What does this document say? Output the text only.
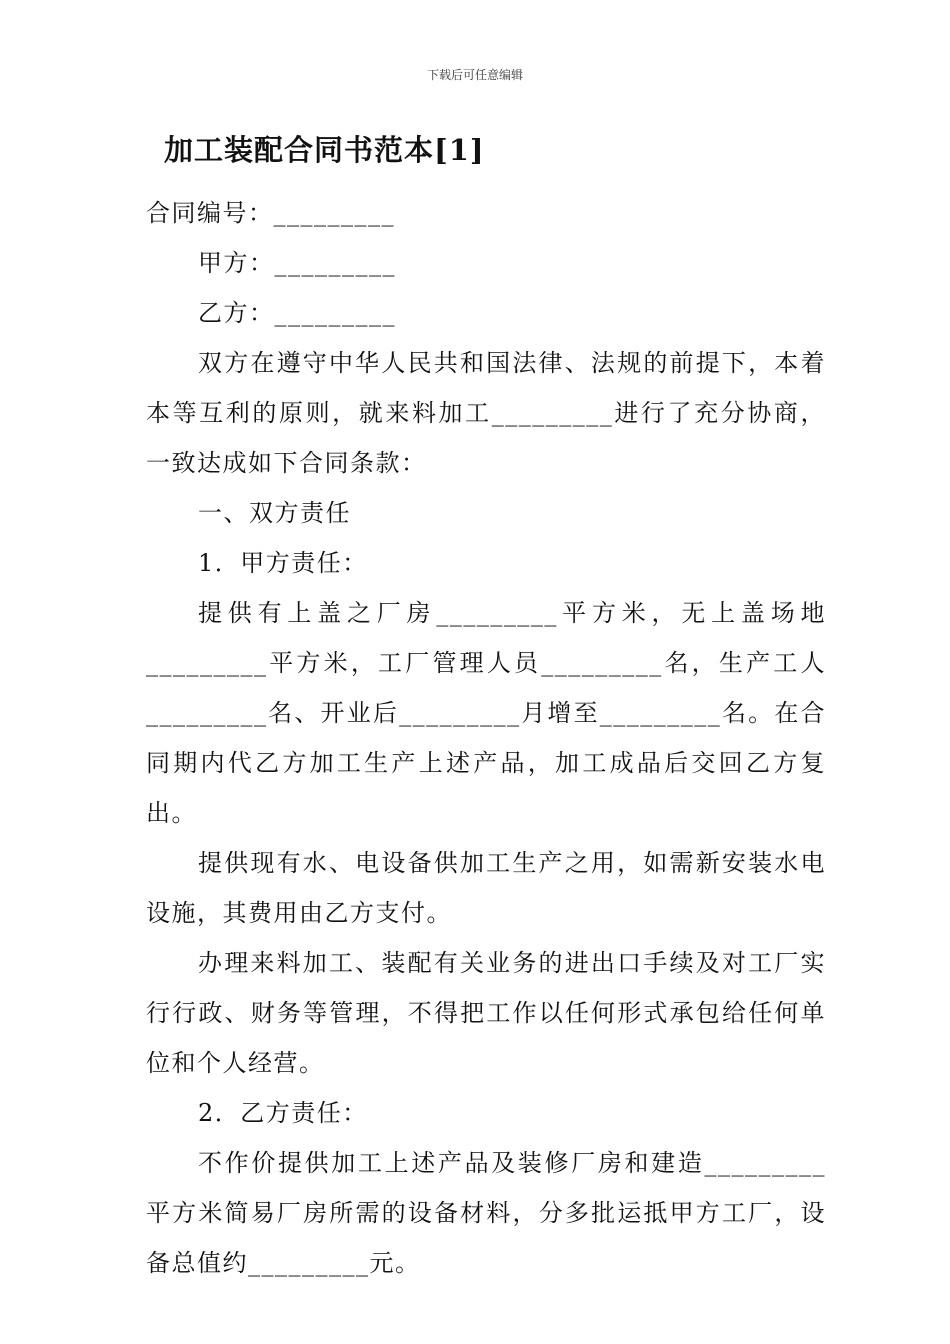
下载后可任意编辑
加工装配合同书范本[1]

合同编号：_________

甲方：_________

乙方：_________

双方在遵守中华人民共和国法律、法规的前提下，本着本等互利的原则，就来料加工_________进行了充分协商，一致达成如下合同条款：

一、双方责任

1．甲方责任：

提供有上盖之厂房_________平方米，无上盖场地_________平方米，工厂管理人员_________名，生产工人_________名、开业后_________月增至_________名。在合同期内代乙方加工生产上述产品，加工成品后交回乙方复出。

提供现有水、电设备供加工生产之用，如需新安装水电设施，其费用由乙方支付。

办理来料加工、装配有关业务的进出口手续及对工厂实行行政、财务等管理，不得把工作以任何形式承包给任何单位和个人经营。

2．乙方责任：

不作价提供加工上述产品及装修厂房和建造_________平方米简易厂房所需的设备材料，分多批运抵甲方工厂，设备总值约_________元。
